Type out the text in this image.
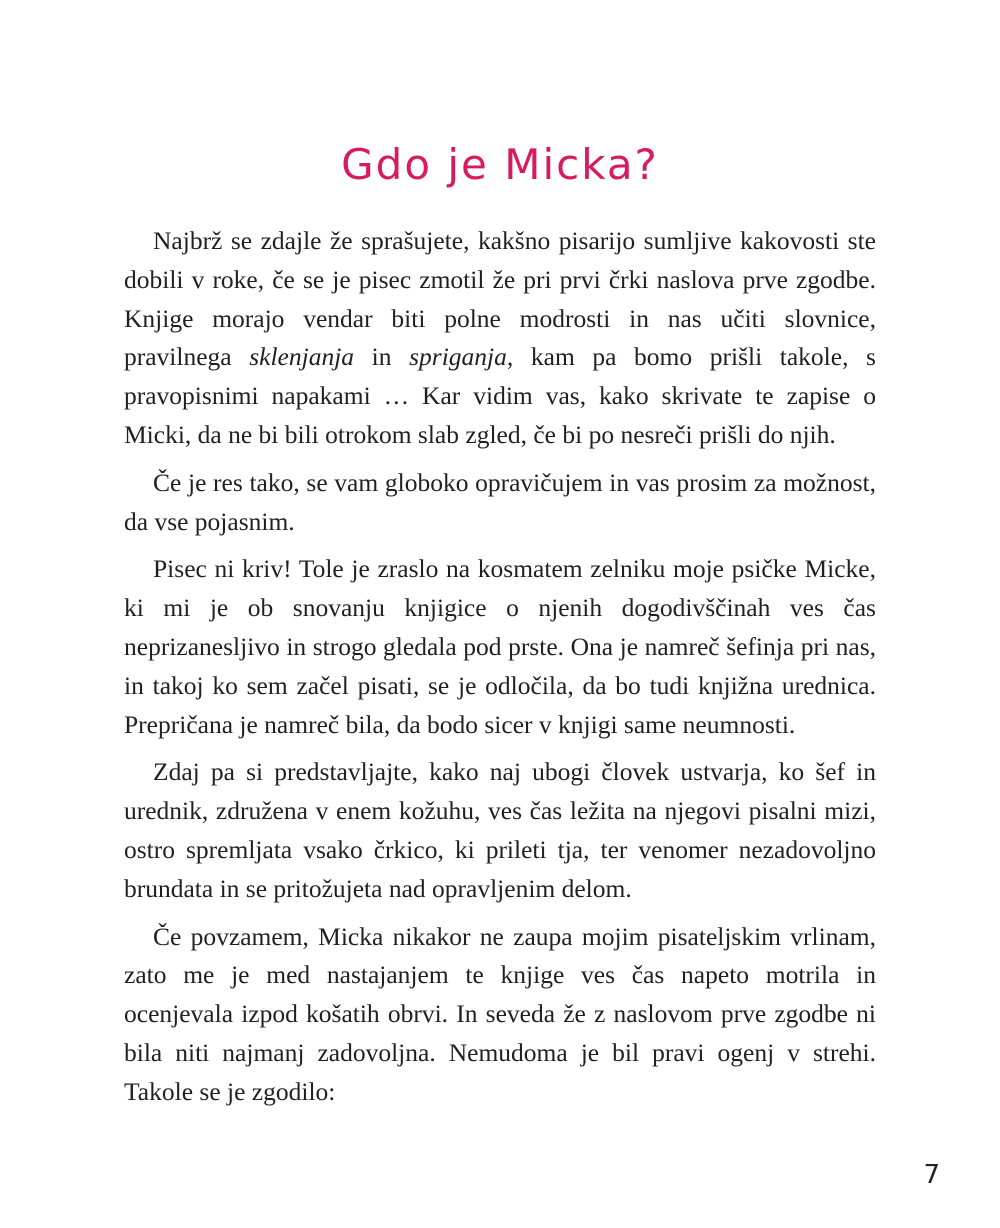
Gdo je Micka?

Najbrž se zdajle že sprašujete, kakšno pisarijo sumljive kakovosti ste dobili v roke, če se je pisec zmotil že pri prvi črki naslova prve zgodbe. Knjige morajo vendar biti polne modrosti in nas učiti slovnice, pravilnega sklenjanja in spriganja, kam pa bomo prišli takole, s pravopisnimi napakami … Kar vidim vas, kako skrivate te zapise o Micki, da ne bi bili otrokom slab zgled, če bi po nesreči prišli do njih.

Če je res tako, se vam globoko opravičujem in vas prosim za možnost, da vse pojasnim.

Pisec ni kriv! Tole je zraslo na kosmatem zelniku moje psičke Micke, ki mi je ob snovanju knjigice o njenih dogodivščinah ves čas neprizanesljivo in strogo gledala pod prste. Ona je namreč šefinja pri nas, in takoj ko sem začel pisati, se je odločila, da bo tudi knjižna urednica. Prepričana je namreč bila, da bodo sicer v knjigi same neumnosti.

Zdaj pa si predstavljajte, kako naj ubogi človek ustvarja, ko šef in urednik, združena v enem kožuhu, ves čas ležita na njegovi pisalni mizi, ostro spremljata vsako črkico, ki prileti tja, ter venomer nezadovoljno brundata in se pritožujeta nad opravljenim delom.

Če povzamem, Micka nikakor ne zaupa mojim pisateljskim vrlinam, zato me je med nastajanjem te knjige ves čas napeto motrila in ocenjevala izpod košatih obrvi. In seveda že z naslovom prve zgodbe ni bila niti najmanj zadovoljna. Nemudoma je bil pravi ogenj v strehi. Takole se je zgodilo:

7
